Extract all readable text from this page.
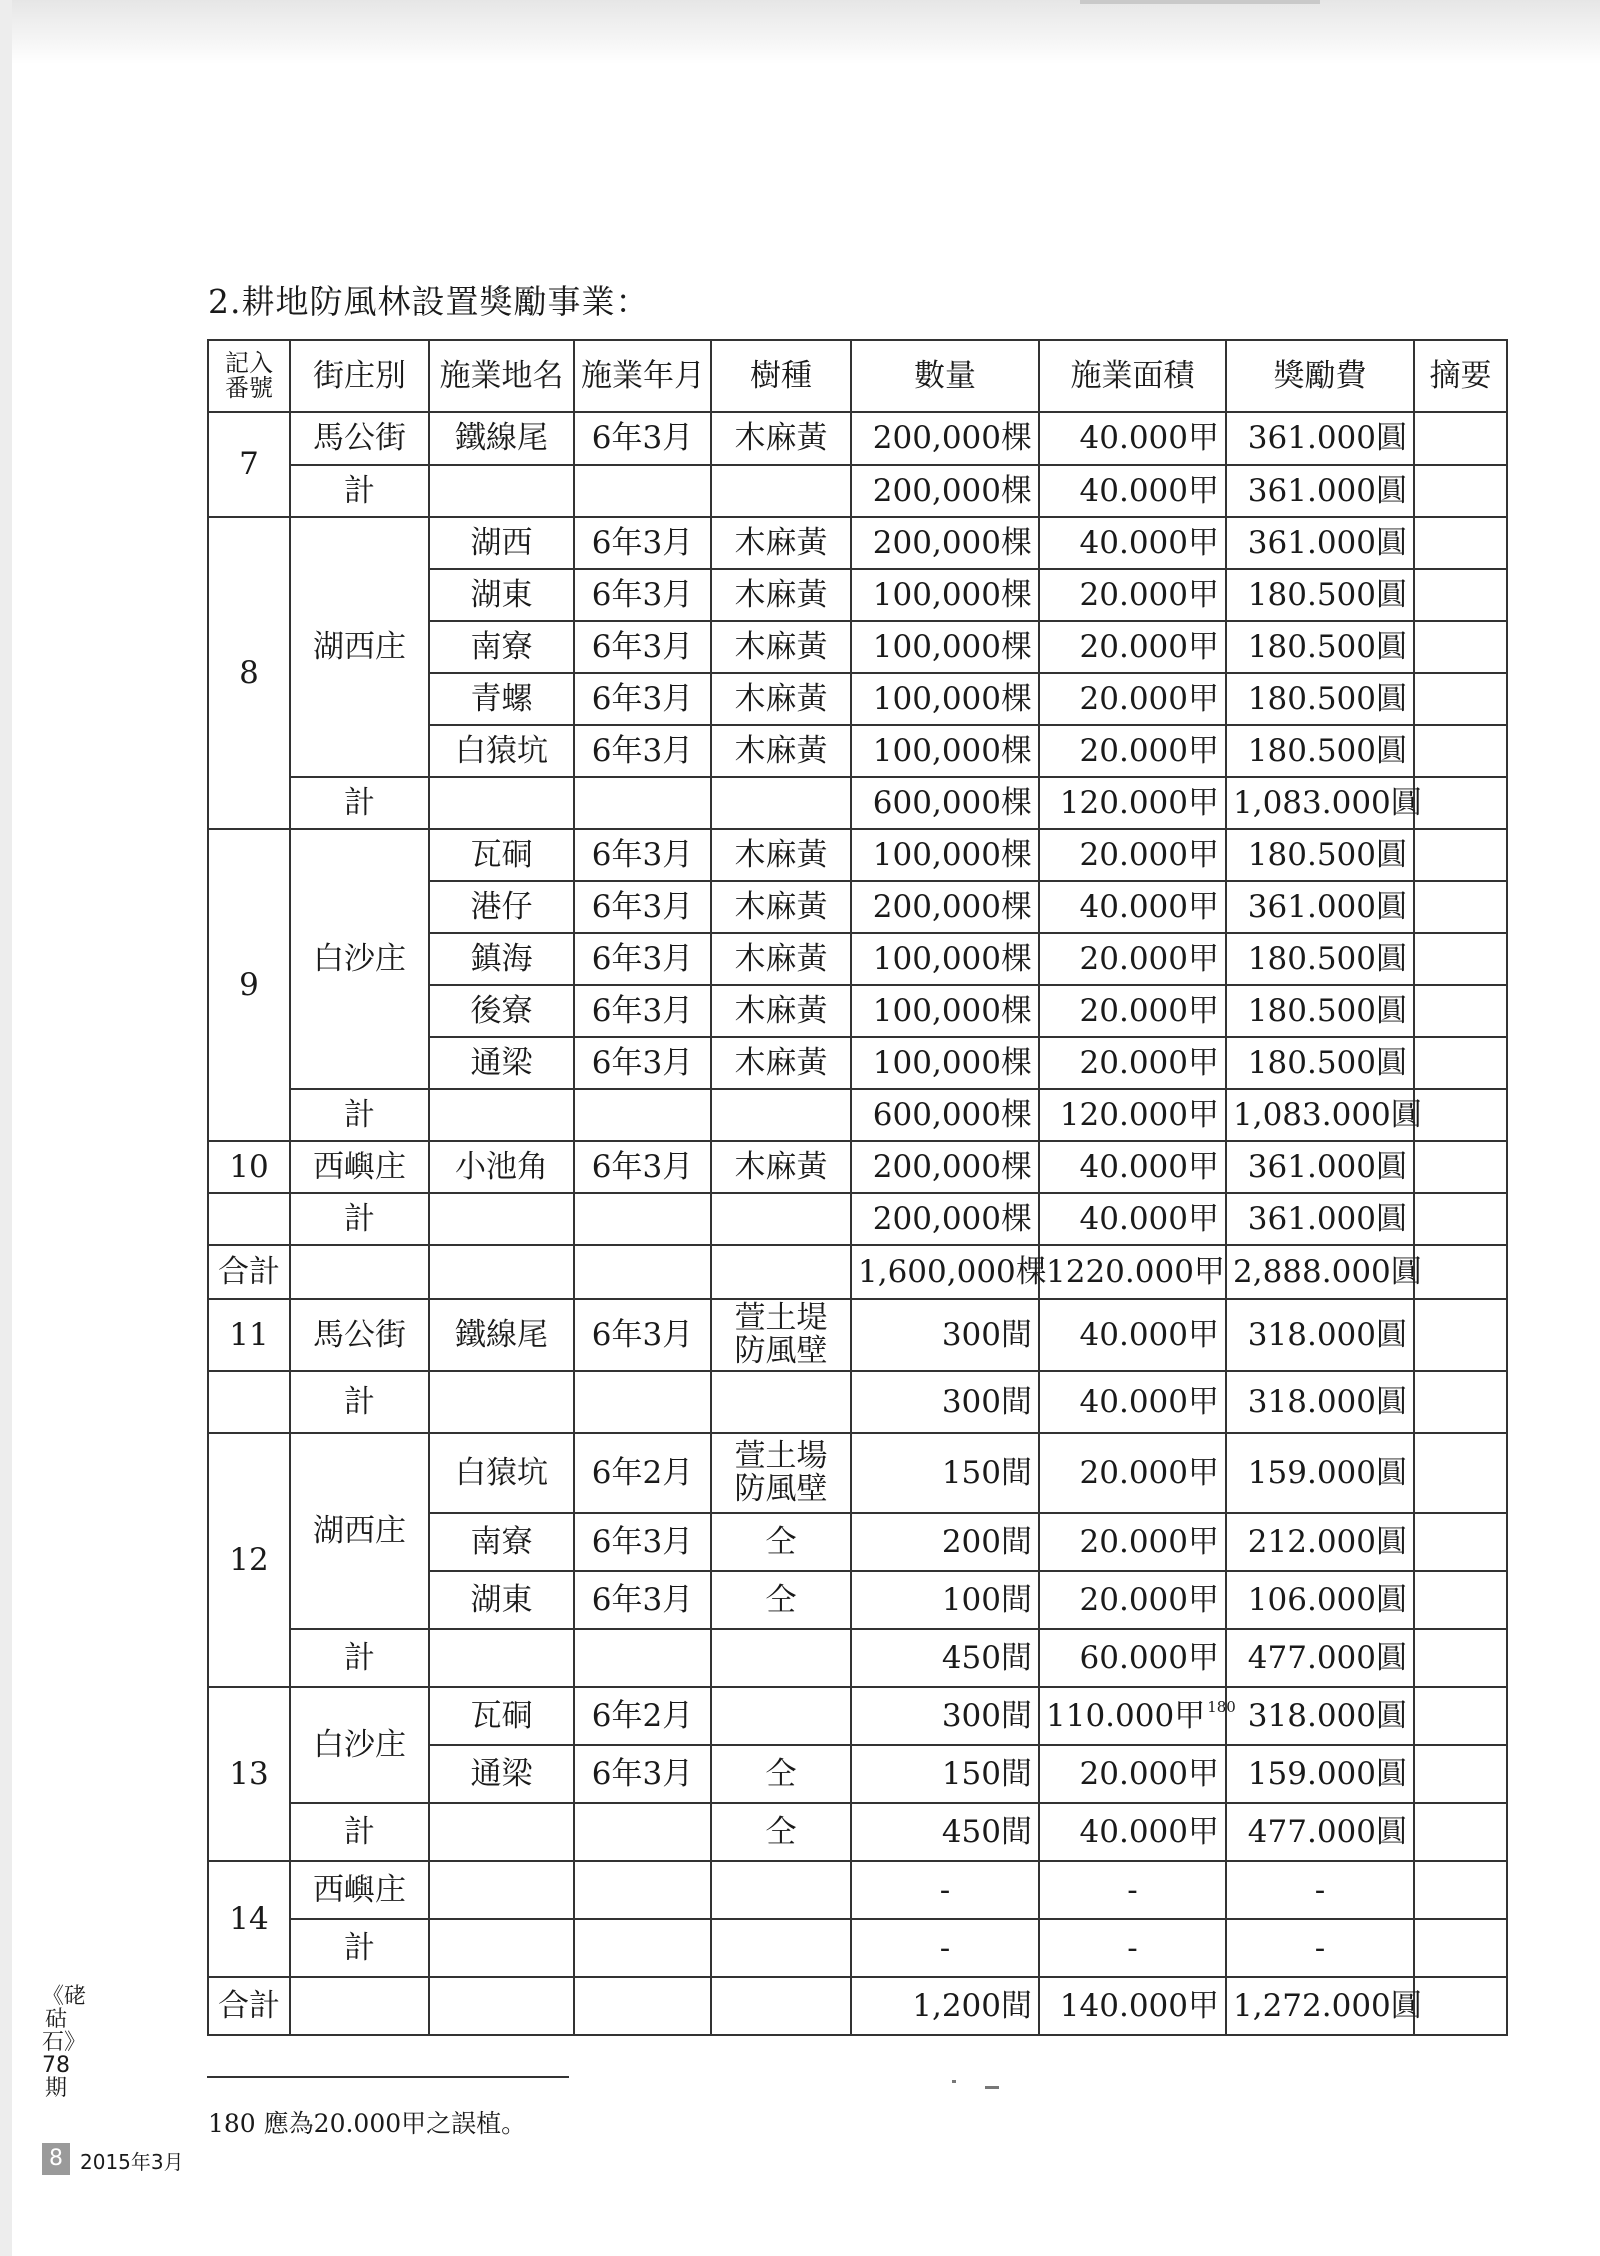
2.耕地防風林設置獎勵事業：
記入
番號	街庄別	施業地名	施業年月	樹種	數量	施業面積	獎勵費	摘要
7	馬公街	鐵線尾	6年3月	木麻黃	200,000棵	40.000甲	361.000圓	
	計				200,000棵	40.000甲	361.000圓	
8	湖西庄	湖西	6年3月	木麻黃	200,000棵	40.000甲	361.000圓	
		湖東	6年3月	木麻黃	100,000棵	20.000甲	180.500圓	
		南寮	6年3月	木麻黃	100,000棵	20.000甲	180.500圓	
		青螺	6年3月	木麻黃	100,000棵	20.000甲	180.500圓	
		白猿坑	6年3月	木麻黃	100,000棵	20.000甲	180.500圓	
	計				600,000棵	120.000甲	1,083.000圓	
9	白沙庄	瓦硐	6年3月	木麻黃	100,000棵	20.000甲	180.500圓	
		港仔	6年3月	木麻黃	200,000棵	40.000甲	361.000圓	
		鎮海	6年3月	木麻黃	100,000棵	20.000甲	180.500圓	
		後寮	6年3月	木麻黃	100,000棵	20.000甲	180.500圓	
		通梁	6年3月	木麻黃	100,000棵	20.000甲	180.500圓	
	計				600,000棵	120.000甲	1,083.000圓	
10	西嶼庄	小池角	6年3月	木麻黃	200,000棵	40.000甲	361.000圓	
	計				200,000棵	40.000甲	361.000圓	
合計					1,600,000棵	1220.000甲	2,888.000圓	
11	馬公街	鐵線尾	6年3月	萱土堤
防風壁	300間	40.000甲	318.000圓	
	計				300間	40.000甲	318.000圓	
12	湖西庄	白猿坑	6年2月	萱土場
防風壁	150間	20.000甲	159.000圓	
		南寮	6年3月	仝	200間	20.000甲	212.000圓	
		湖東	6年3月	仝	100間	20.000甲	106.000圓	
	計				450間	60.000甲	477.000圓	
13	白沙庄	瓦硐	6年2月		300間	110.000甲 $^{180}$	318.000圓	
		通梁	6年3月	仝	150間	20.000甲	159.000圓	
	計			仝	450間	40.000甲	477.000圓	
14	西嶼庄				-	-	-	
	計				-	-	-	
合計					1,200間	140.000甲	1,272.000圓	
180 應為20.000甲之誤植。
《硓𥑮石》78期
8 2015年3月
